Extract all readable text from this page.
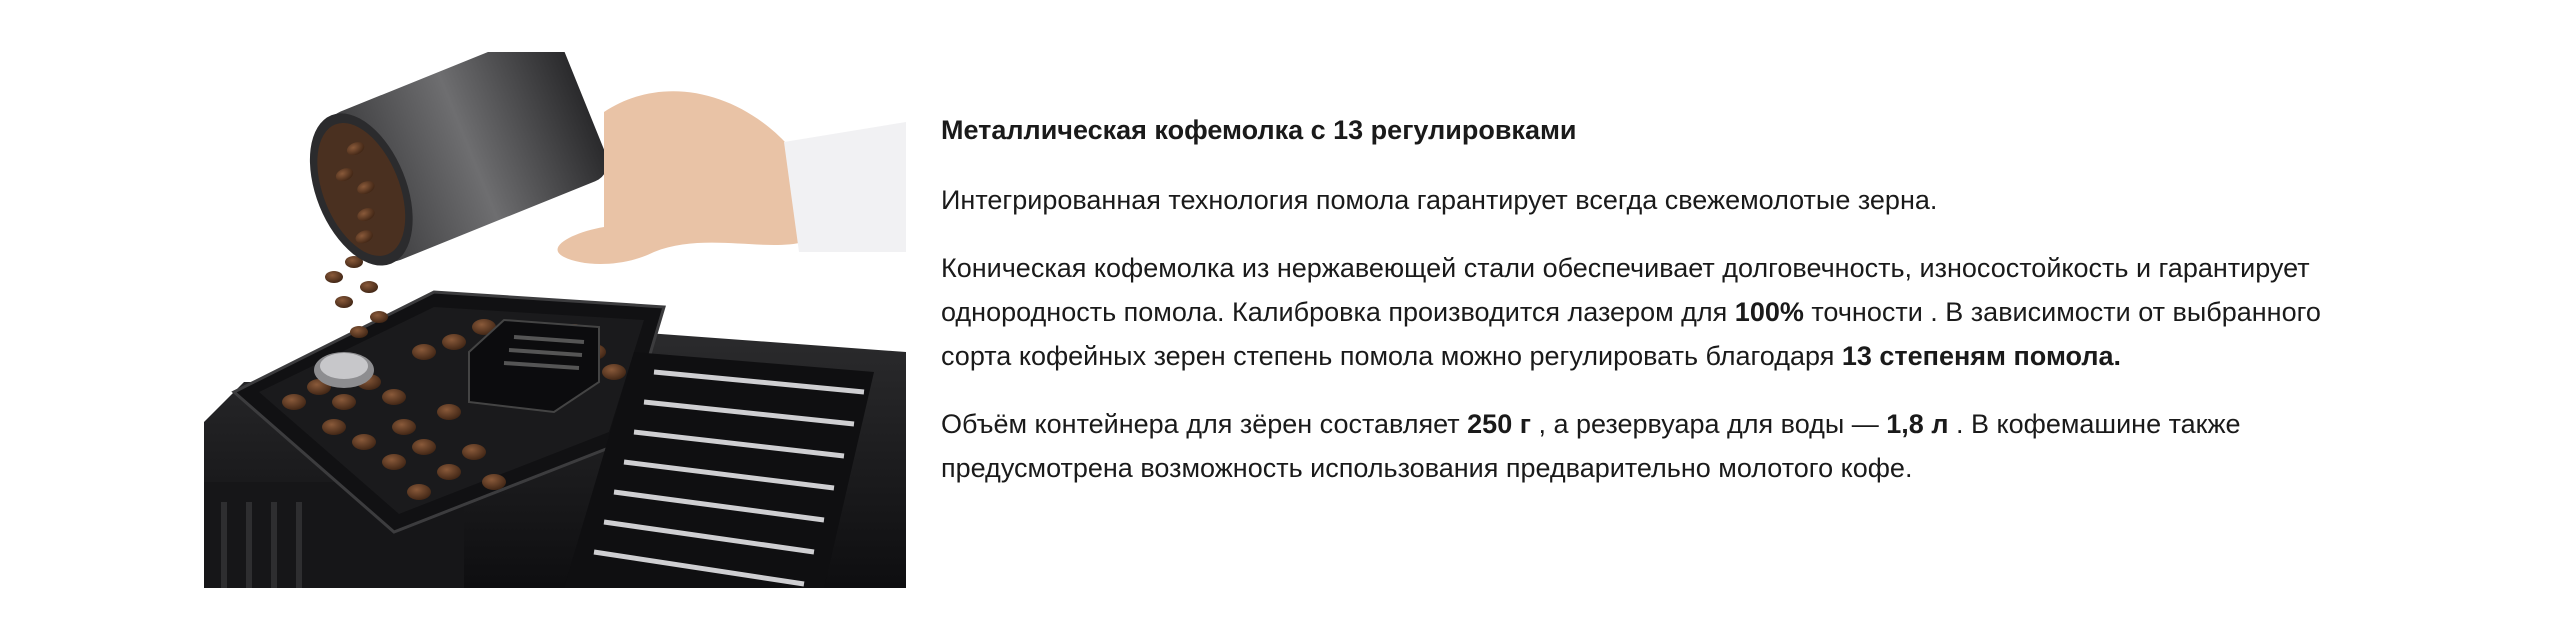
Металлическая кофемолка с 13 регулировками

Интегрированная технология помола гарантирует всегда свежемолотые зерна.

Коническая кофемолка из нержавеющей стали обеспечивает долговечность, износостойкость и гарантирует однородность помола. Калибровка производится лазером для 100% точности . В зависимости от выбранного сорта кофейных зерен степень помола можно регулировать благодаря 13 степеням помола.

Объём контейнера для зёрен составляет 250 г , а резервуара для воды — 1,8 л . В кофемашине также предусмотрена возможность использования предварительно молотого кофе.
